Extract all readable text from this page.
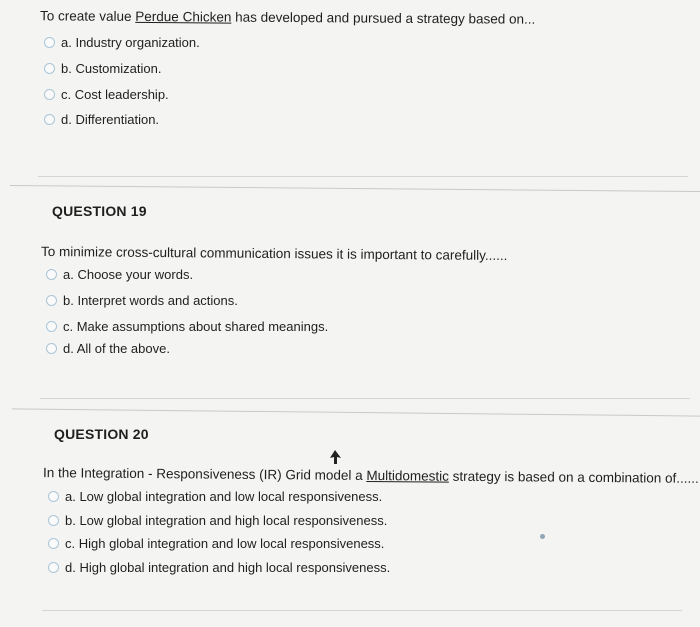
To create value Perdue Chicken has developed and pursued a strategy based on...
a. Industry organization.
b. Customization.
c. Cost leadership.
d. Differentiation.
QUESTION 19
To minimize cross-cultural communication issues it is important to carefully......
a. Choose your words.
b. Interpret words and actions.
c. Make assumptions about shared meanings.
d. All of the above.
QUESTION 20
In the Integration - Responsiveness (IR) Grid model a Multidomestic strategy is based on a combination of......
a. Low global integration and low local responsiveness.
b. Low global integration and high local responsiveness.
c. High global integration and low local responsiveness.
d. High global integration and high local responsiveness.
